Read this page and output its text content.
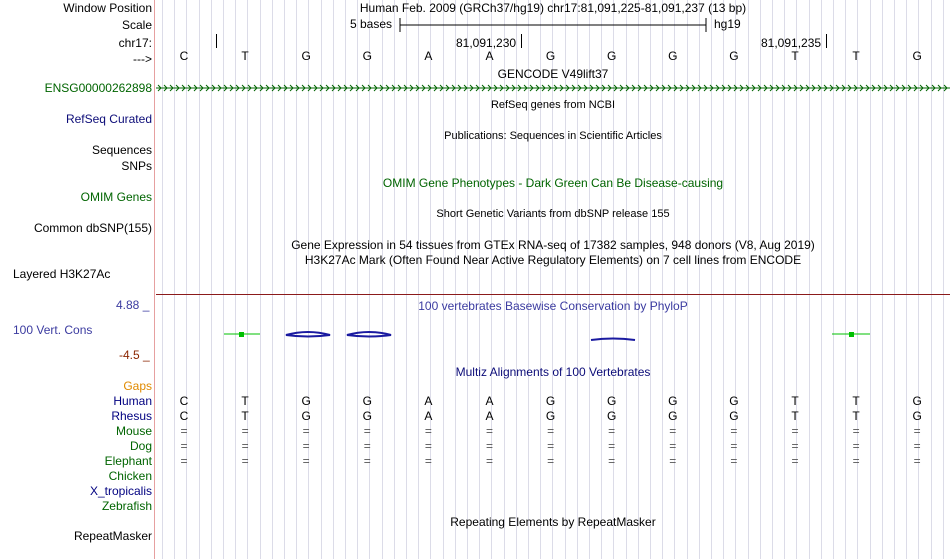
Window Position	Human Feb. 2009 (GRCh37/hg19) chr17:81,091,225-81,091,237 (13 bp)
Scale	5 bases	hg19
chr17:	81,091,230	81,091,235
--->	C	T	G	G	A	A	G	G	G	G	T	T	G
GENCODE V49lift37
ENSG00000262898
RefSeq genes from NCBI
RefSeq Curated
Publications: Sequences in Scientific Articles
Sequences
SNPs
OMIM Gene Phenotypes - Dark Green Can Be Disease-causing
OMIM Genes
Short Genetic Variants from dbSNP release 155
Common dbSNP(155)
Gene Expression in 54 tissues from GTEx RNA-seq of 17382 samples, 948 donors (V8, Aug 2019)
H3K27Ac Mark (Often Found Near Active Regulatory Elements) on 7 cell lines from ENCODE
Layered H3K27Ac
100 vertebrates Basewise Conservation by PhyloP
4.88 _
100 Vert. Cons
-4.5 _
Multiz Alignments of 100 Vertebrates
Gaps
Human	C	T	G	G	A	A	G	G	G	G	T	T	G
Rhesus	C	T	G	G	A	A	G	G	G	G	T	T	G
Mouse	=	=	=	=	=	=	=	=	=	=	=	=	=
Dog	=	=	=	=	=	=	=	=	=	=	=	=	=
Elephant	=	=	=	=	=	=	=	=	=	=	=	=	=
Chicken
X_tropicalis
Zebrafish
Repeating Elements by RepeatMasker
RepeatMasker
